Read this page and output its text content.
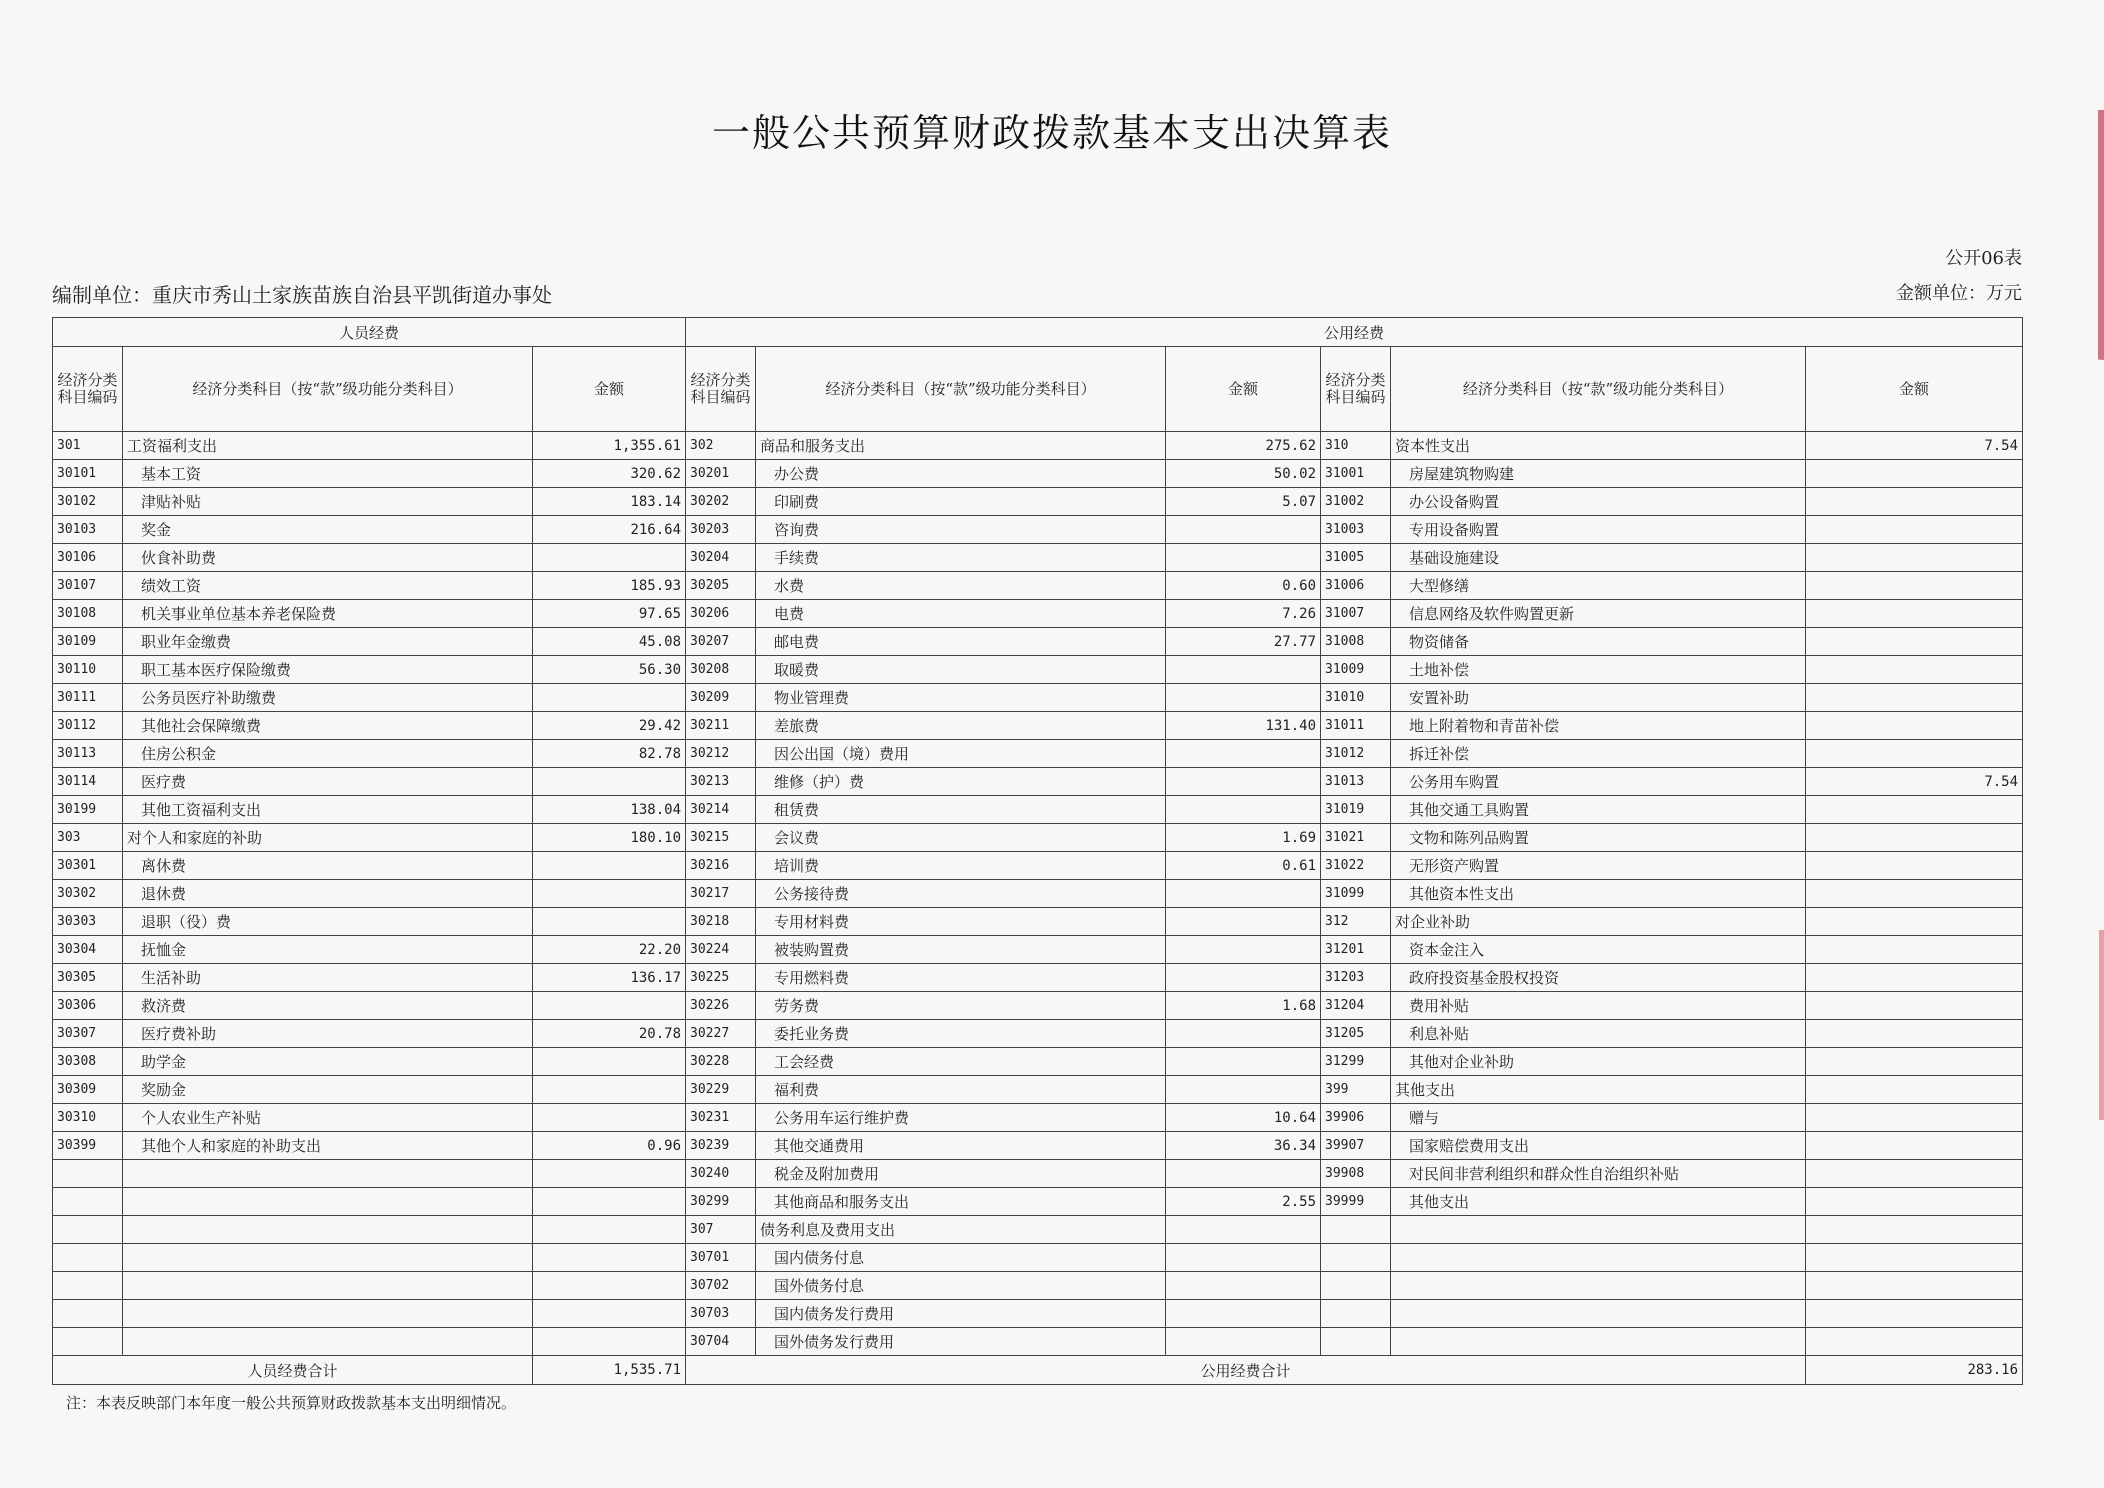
一般公共预算财政拨款基本支出决算表
公开06表
编制单位：重庆市秀山土家族苗族自治县平凯街道办事处	金额单位：万元
人员经费			公用经费					
经济分类科目编码	经济分类科目（按“款”级功能分类科目）	金额	经济分类科目编码	经济分类科目（按“款”级功能分类科目）	金额	经济分类科目编码	经济分类科目（按“款”级功能分类科目）	金额
301	工资福利支出	1,355.61	302	商品和服务支出	275.62	310	资本性支出	7.54
30101	基本工资	320.62	30201	办公费	50.02	31001	房屋建筑物购建	
30102	津贴补贴	183.14	30202	印刷费	5.07	31002	办公设备购置	
30103	奖金	216.64	30203	咨询费		31003	专用设备购置	
30106	伙食补助费		30204	手续费		31005	基础设施建设	
30107	绩效工资	185.93	30205	水费	0.60	31006	大型修缮	
30108	机关事业单位基本养老保险费	97.65	30206	电费	7.26	31007	信息网络及软件购置更新	
30109	职业年金缴费	45.08	30207	邮电费	27.77	31008	物资储备	
30110	职工基本医疗保险缴费	56.30	30208	取暖费		31009	土地补偿	
30111	公务员医疗补助缴费		30209	物业管理费		31010	安置补助	
30112	其他社会保障缴费	29.42	30211	差旅费	131.40	31011	地上附着物和青苗补偿	
30113	住房公积金	82.78	30212	因公出国（境）费用		31012	拆迁补偿	
30114	医疗费		30213	维修（护）费		31013	公务用车购置	7.54
30199	其他工资福利支出	138.04	30214	租赁费		31019	其他交通工具购置	
303	对个人和家庭的补助	180.10	30215	会议费	1.69	31021	文物和陈列品购置	
30301	离休费		30216	培训费	0.61	31022	无形资产购置	
30302	退休费		30217	公务接待费		31099	其他资本性支出	
30303	退职（役）费		30218	专用材料费		312	对企业补助	
30304	抚恤金	22.20	30224	被装购置费		31201	资本金注入	
30305	生活补助	136.17	30225	专用燃料费		31203	政府投资基金股权投资	
30306	救济费		30226	劳务费	1.68	31204	费用补贴	
30307	医疗费补助	20.78	30227	委托业务费		31205	利息补贴	
30308	助学金		30228	工会经费		31299	其他对企业补助	
30309	奖励金		30229	福利费		399	其他支出	
30310	个人农业生产补贴		30231	公务用车运行维护费	10.64	39906	赠与	
30399	其他个人和家庭的补助支出	0.96	30239	其他交通费用	36.34	39907	国家赔偿费用支出	
			30240	税金及附加费用		39908	对民间非营利组织和群众性自治组织补贴	
			30299	其他商品和服务支出	2.55	39999	其他支出	
			307	债务利息及费用支出				
			30701	国内债务付息				
			30702	国外债务付息				
			30703	国内债务发行费用				
			30704	国外债务发行费用				
人员经费合计		1,535.71	公用经费合计					283.16
注：本表反映部门本年度一般公共预算财政拨款基本支出明细情况。
